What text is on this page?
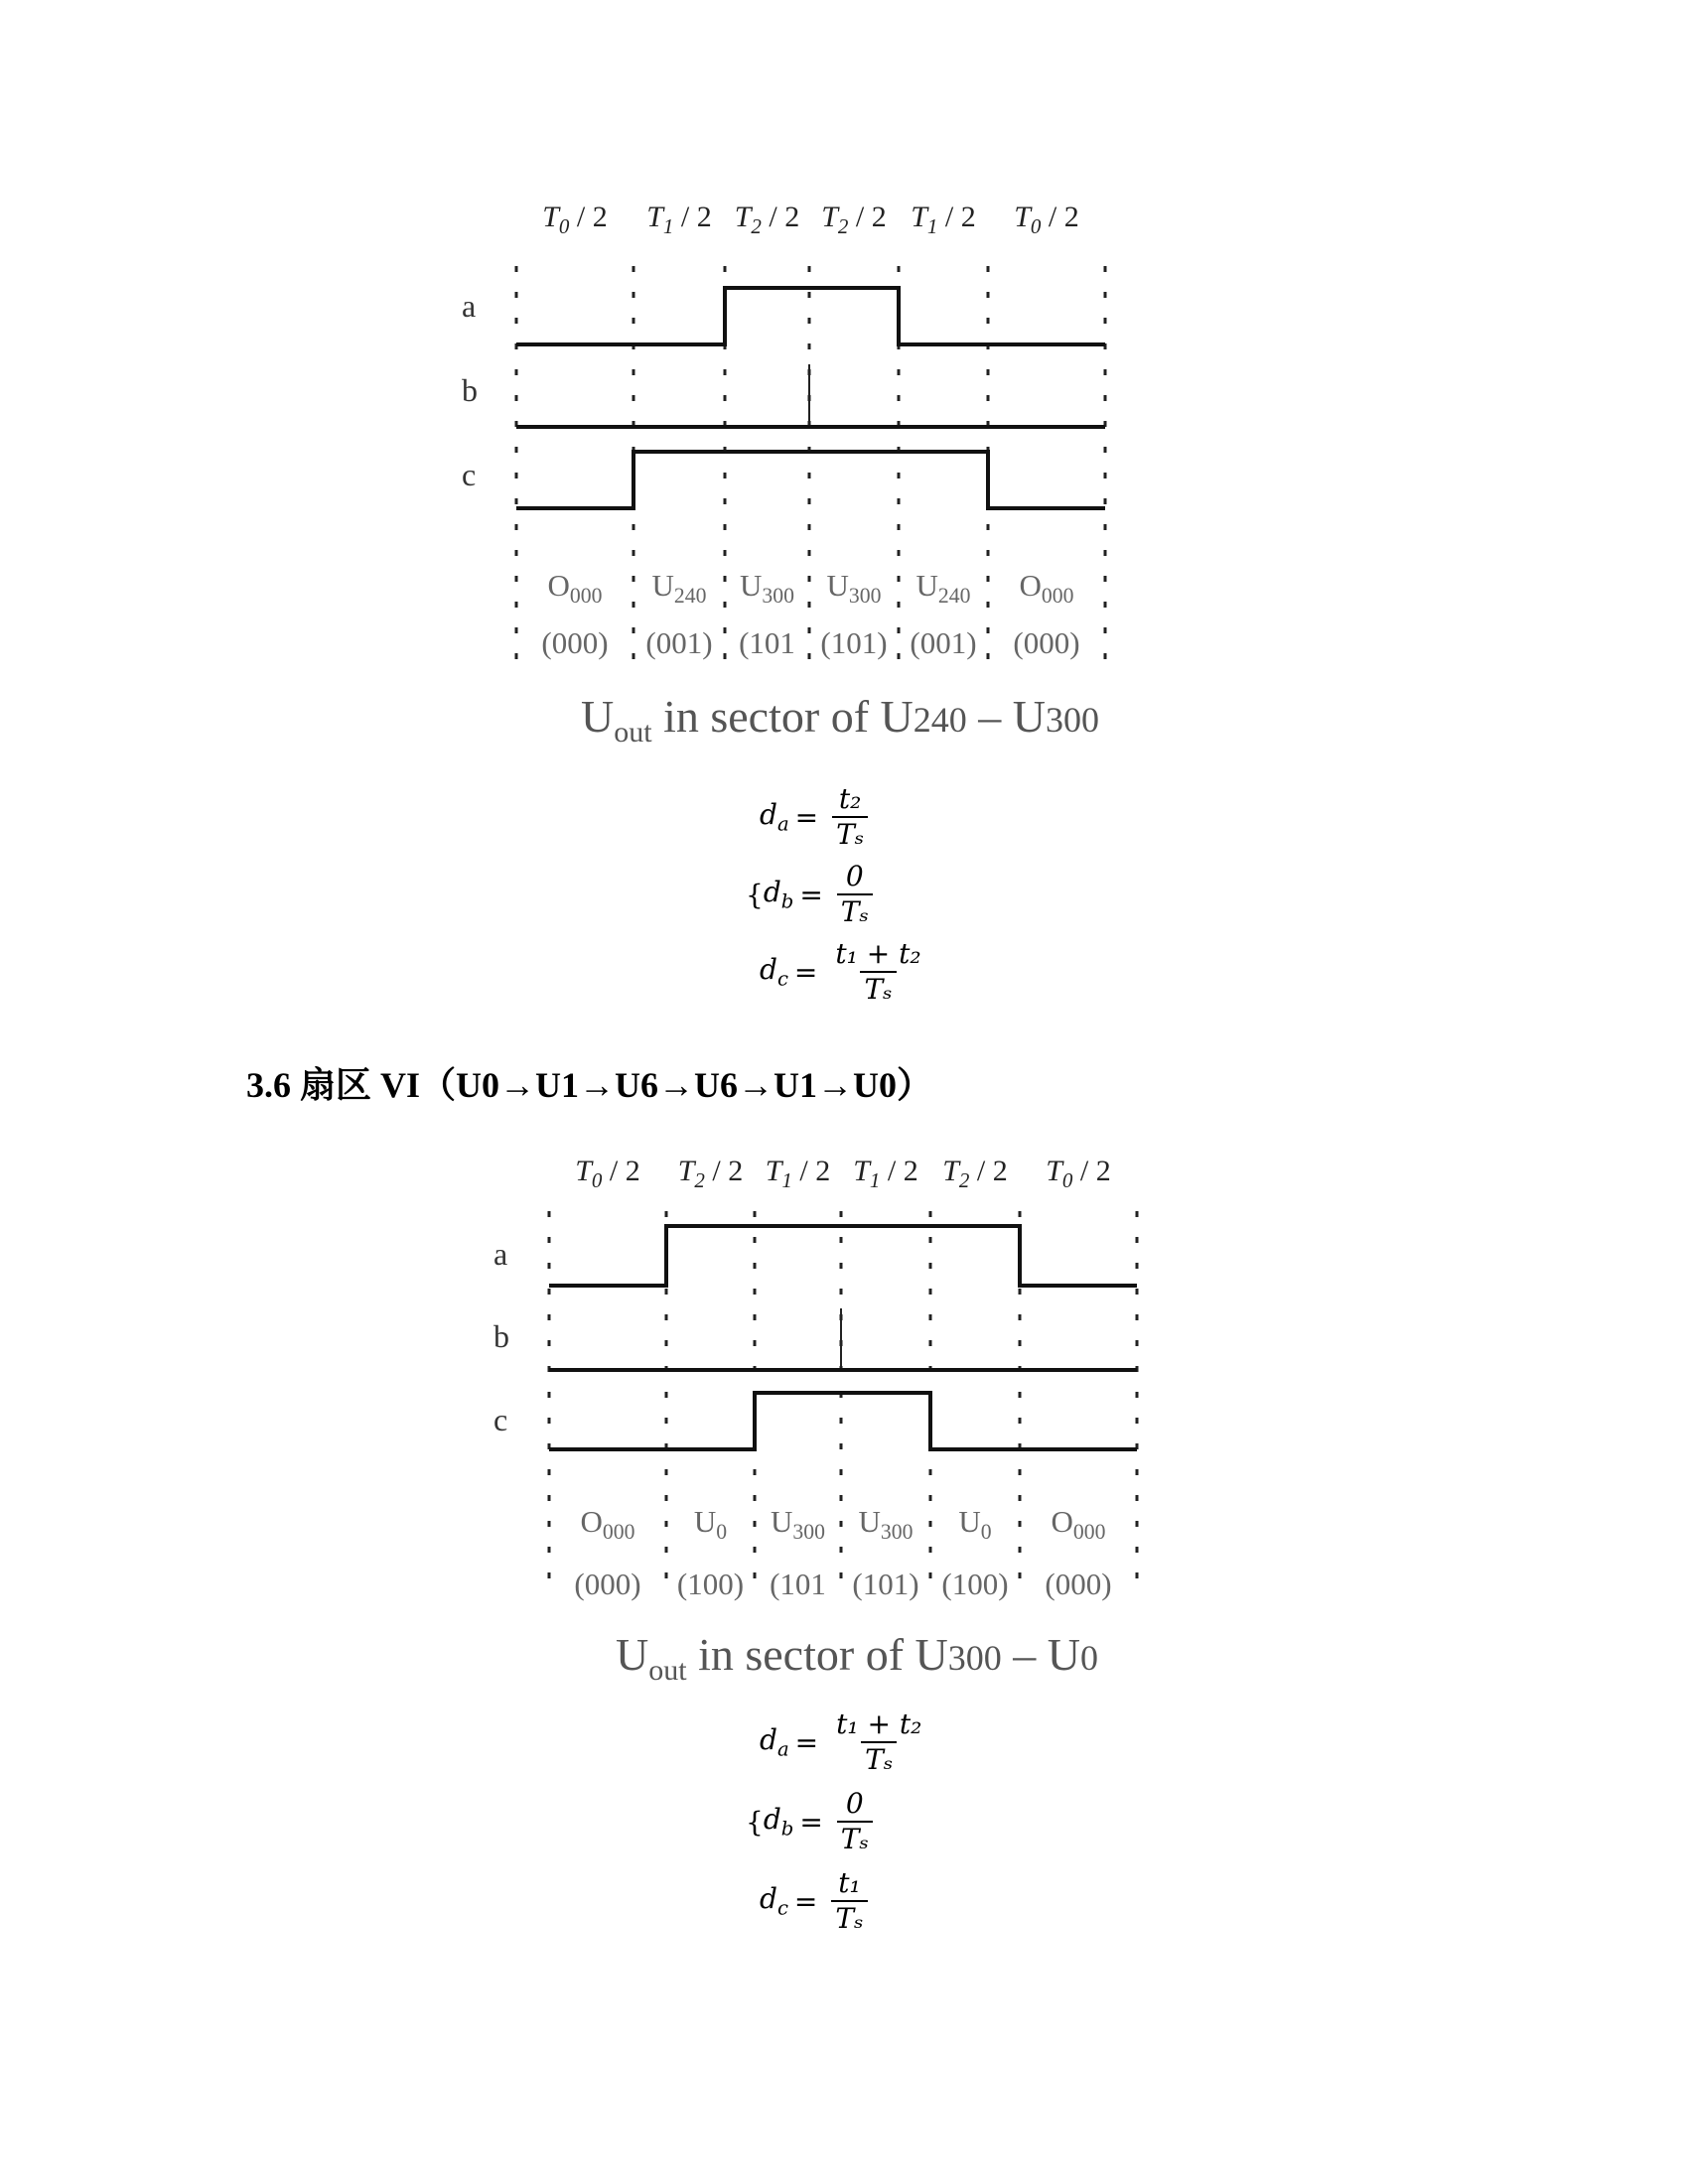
$T_0 / 2$ $T_1 / 2$ $T_2 / 2$ $T_2 / 2$ $T_1 / 2$ $T_0 / 2$
a
b
c
$O_{000}$ $U_{240}$ $U_{300}$ $U_{300}$ $U_{240}$ $O_{000}$
(000) (001) (101 (101) (001) (000)
$U_{out}$ in sector of U240 – U300
$d_a = \frac{\text{t₂}}{\text{Tₛ}}$
{ $d_b = \frac{0}{\text{Tₛ}}$
$d_c = \frac{\text{t₁ + t₂}}{\text{Tₛ}}$
3.6 扇区 VI（U0→U1→U6→U6→U1→U0）
$T_0 / 2$ $T_2 / 2$ $T_1 / 2$ $T_1 / 2$ $T_2 / 2$ $T_0 / 2$
a
b
c
$O_{000}$ $U_0$ $U_{300}$ $U_{300}$ $U_0$ $O_{000}$
(000) (100) (101 (101) (100) (000)
$U_{out}$ in sector of U300 – U0
$d_a = \frac{\text{t₁ + t₂}}{\text{Tₛ}}$
{ $d_b = \frac{0}{\text{Tₛ}}$
$d_c = \frac{\text{t₁}}{\text{Tₛ}}$
